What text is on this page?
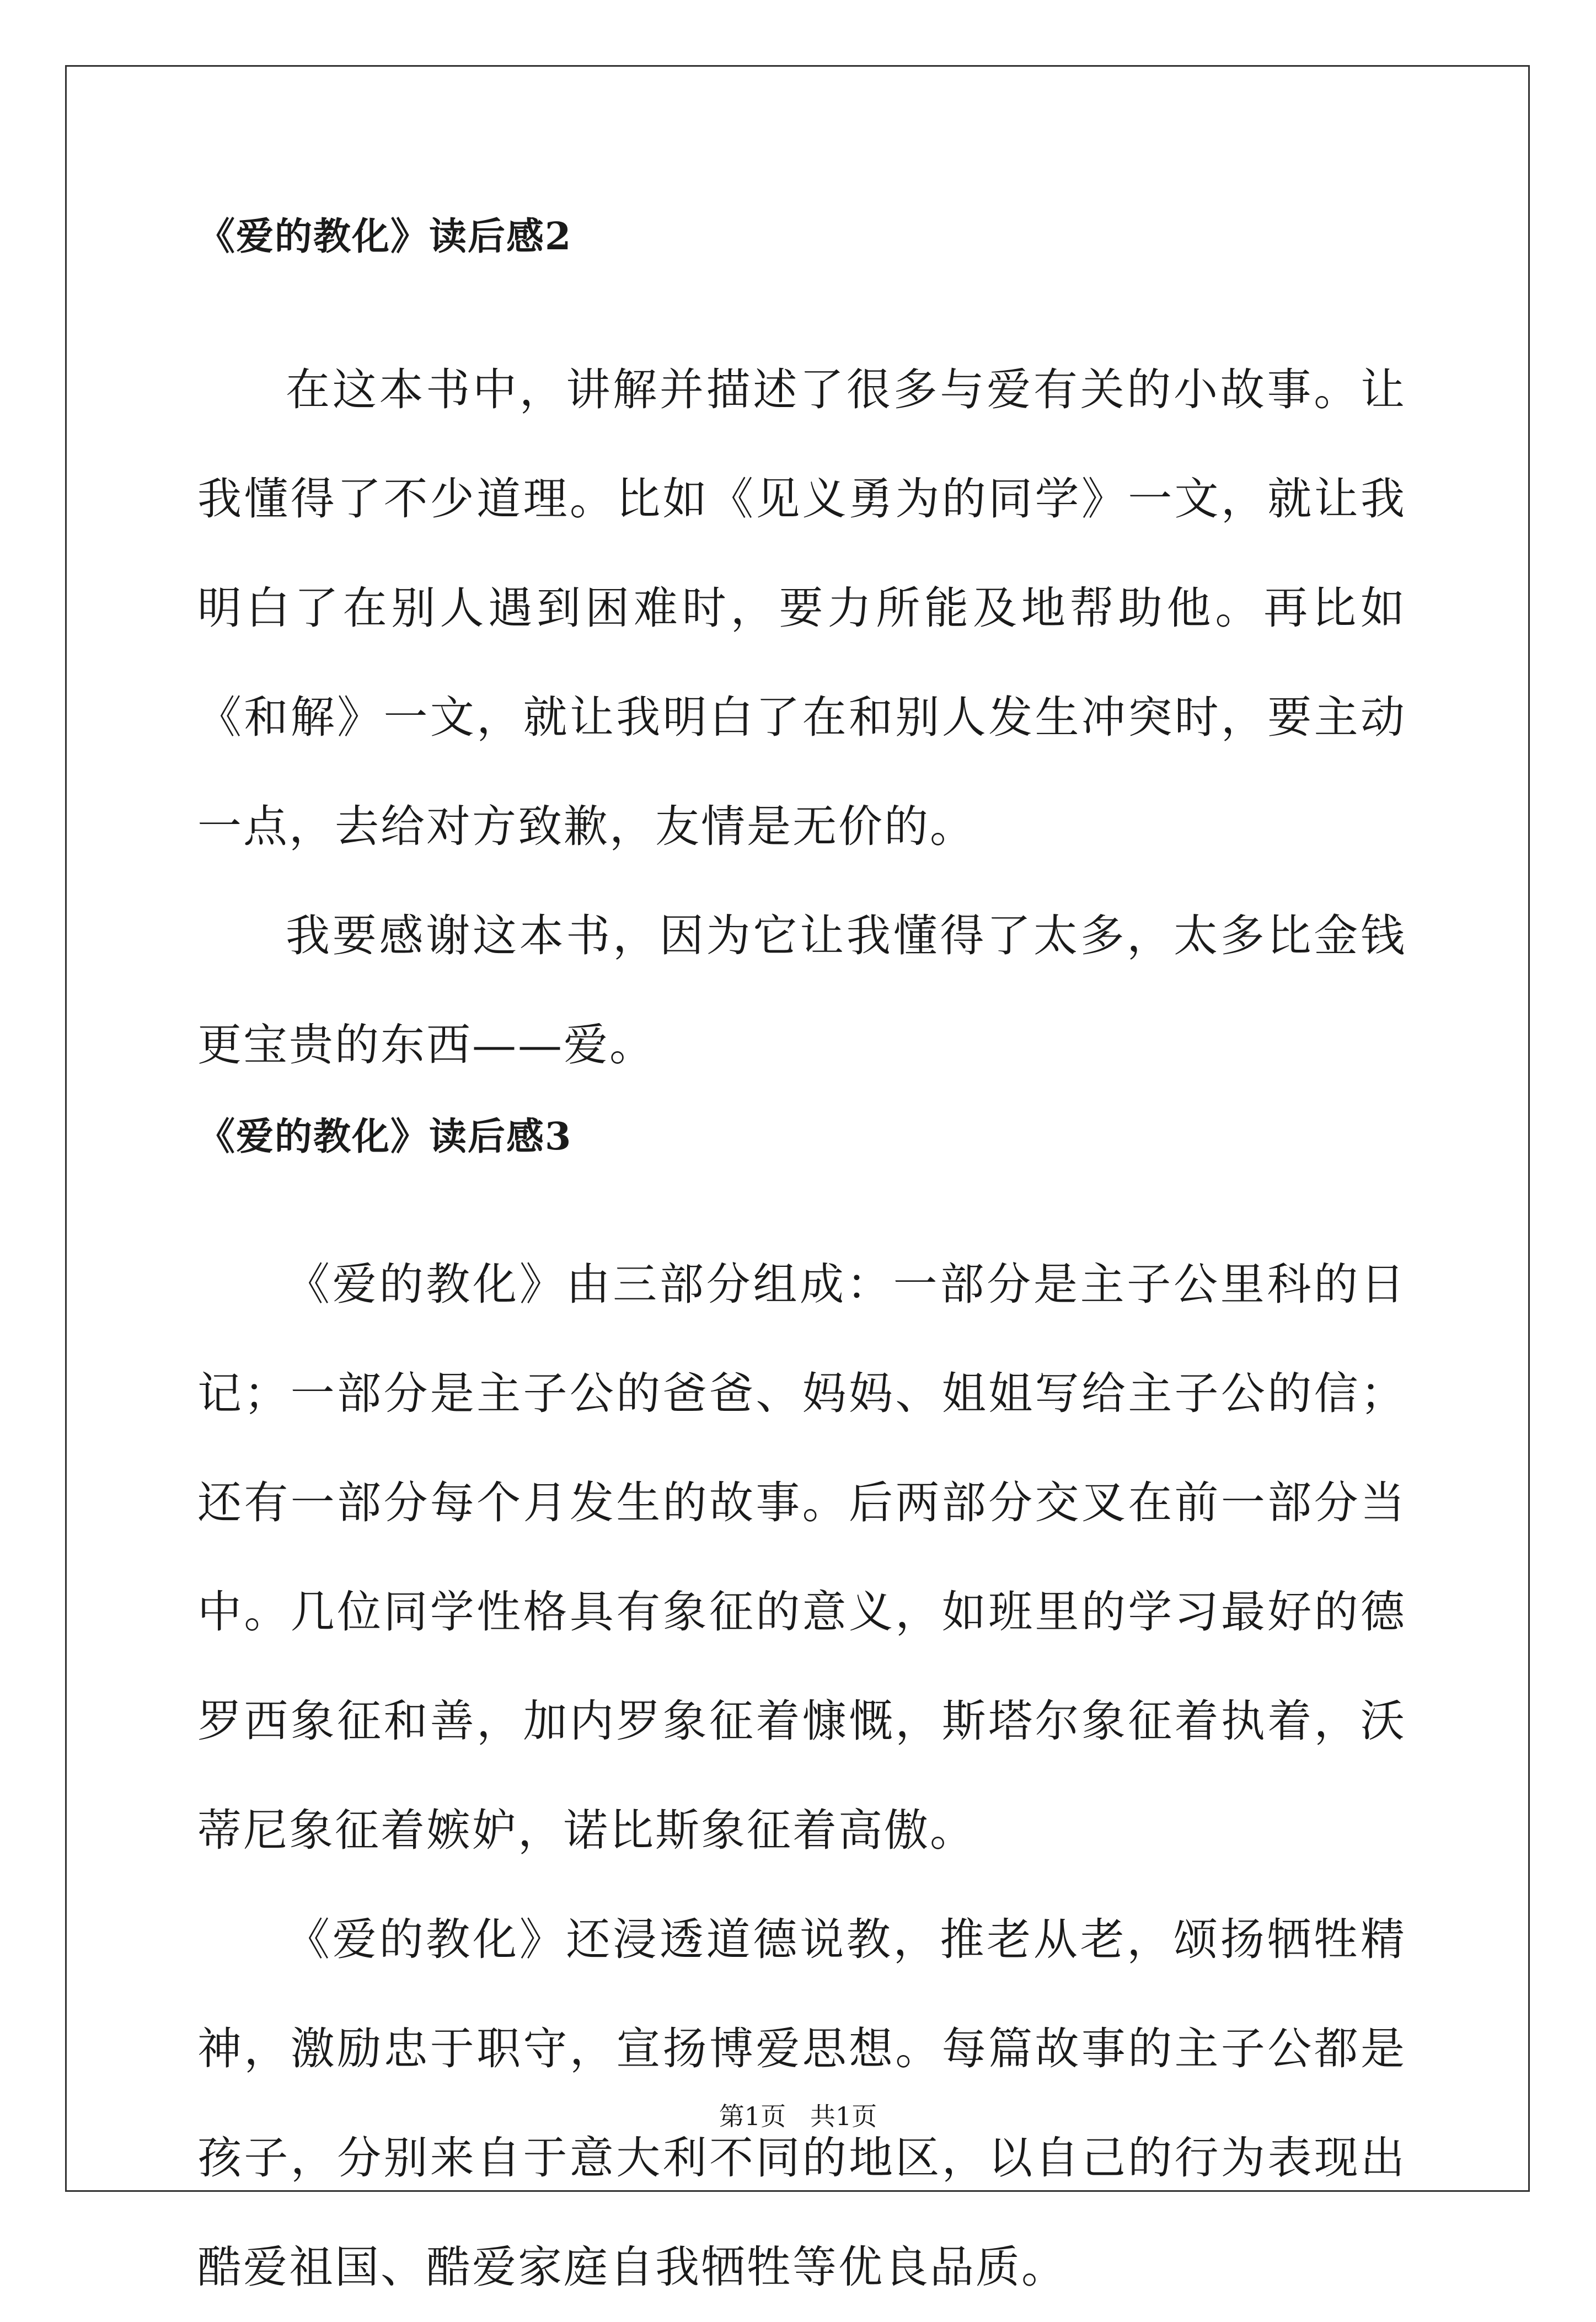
《爱的教化》读后感2

在这本书中，讲解并描述了很多与爱有关的小故事。让我懂得了不少道理。比如《见义勇为的同学》一文，就让我明白了在别人遇到困难时，要力所能及地帮助他。再比如《和解》一文，就让我明白了在和别人发生冲突时，要主动一点，去给对方致歉，友情是无价的。

我要感谢这本书，因为它让我懂得了太多，太多比金钱更宝贵的东西——爱。

《爱的教化》读后感3

《爱的教化》由三部分组成：一部分是主子公里科的日记；一部分是主子公的爸爸、妈妈、姐姐写给主子公的信；还有一部分每个月发生的故事。后两部分交叉在前一部分当中。几位同学性格具有象征的意义，如班里的学习最好的德罗西象征和善，加内罗象征着慷慨，斯塔尔象征着执着，沃蒂尼象征着嫉妒，诺比斯象征着高傲。

《爱的教化》还浸透道德说教，推老从老，颂扬牺牲精神，激励忠于职守，宣扬博爱思想。每篇故事的主子公都是孩子，分别来自于意大利不同的地区，以自己的行为表现出酷爱祖国、酷爱家庭自我牺牲等优良品质。

第1页   共1页
